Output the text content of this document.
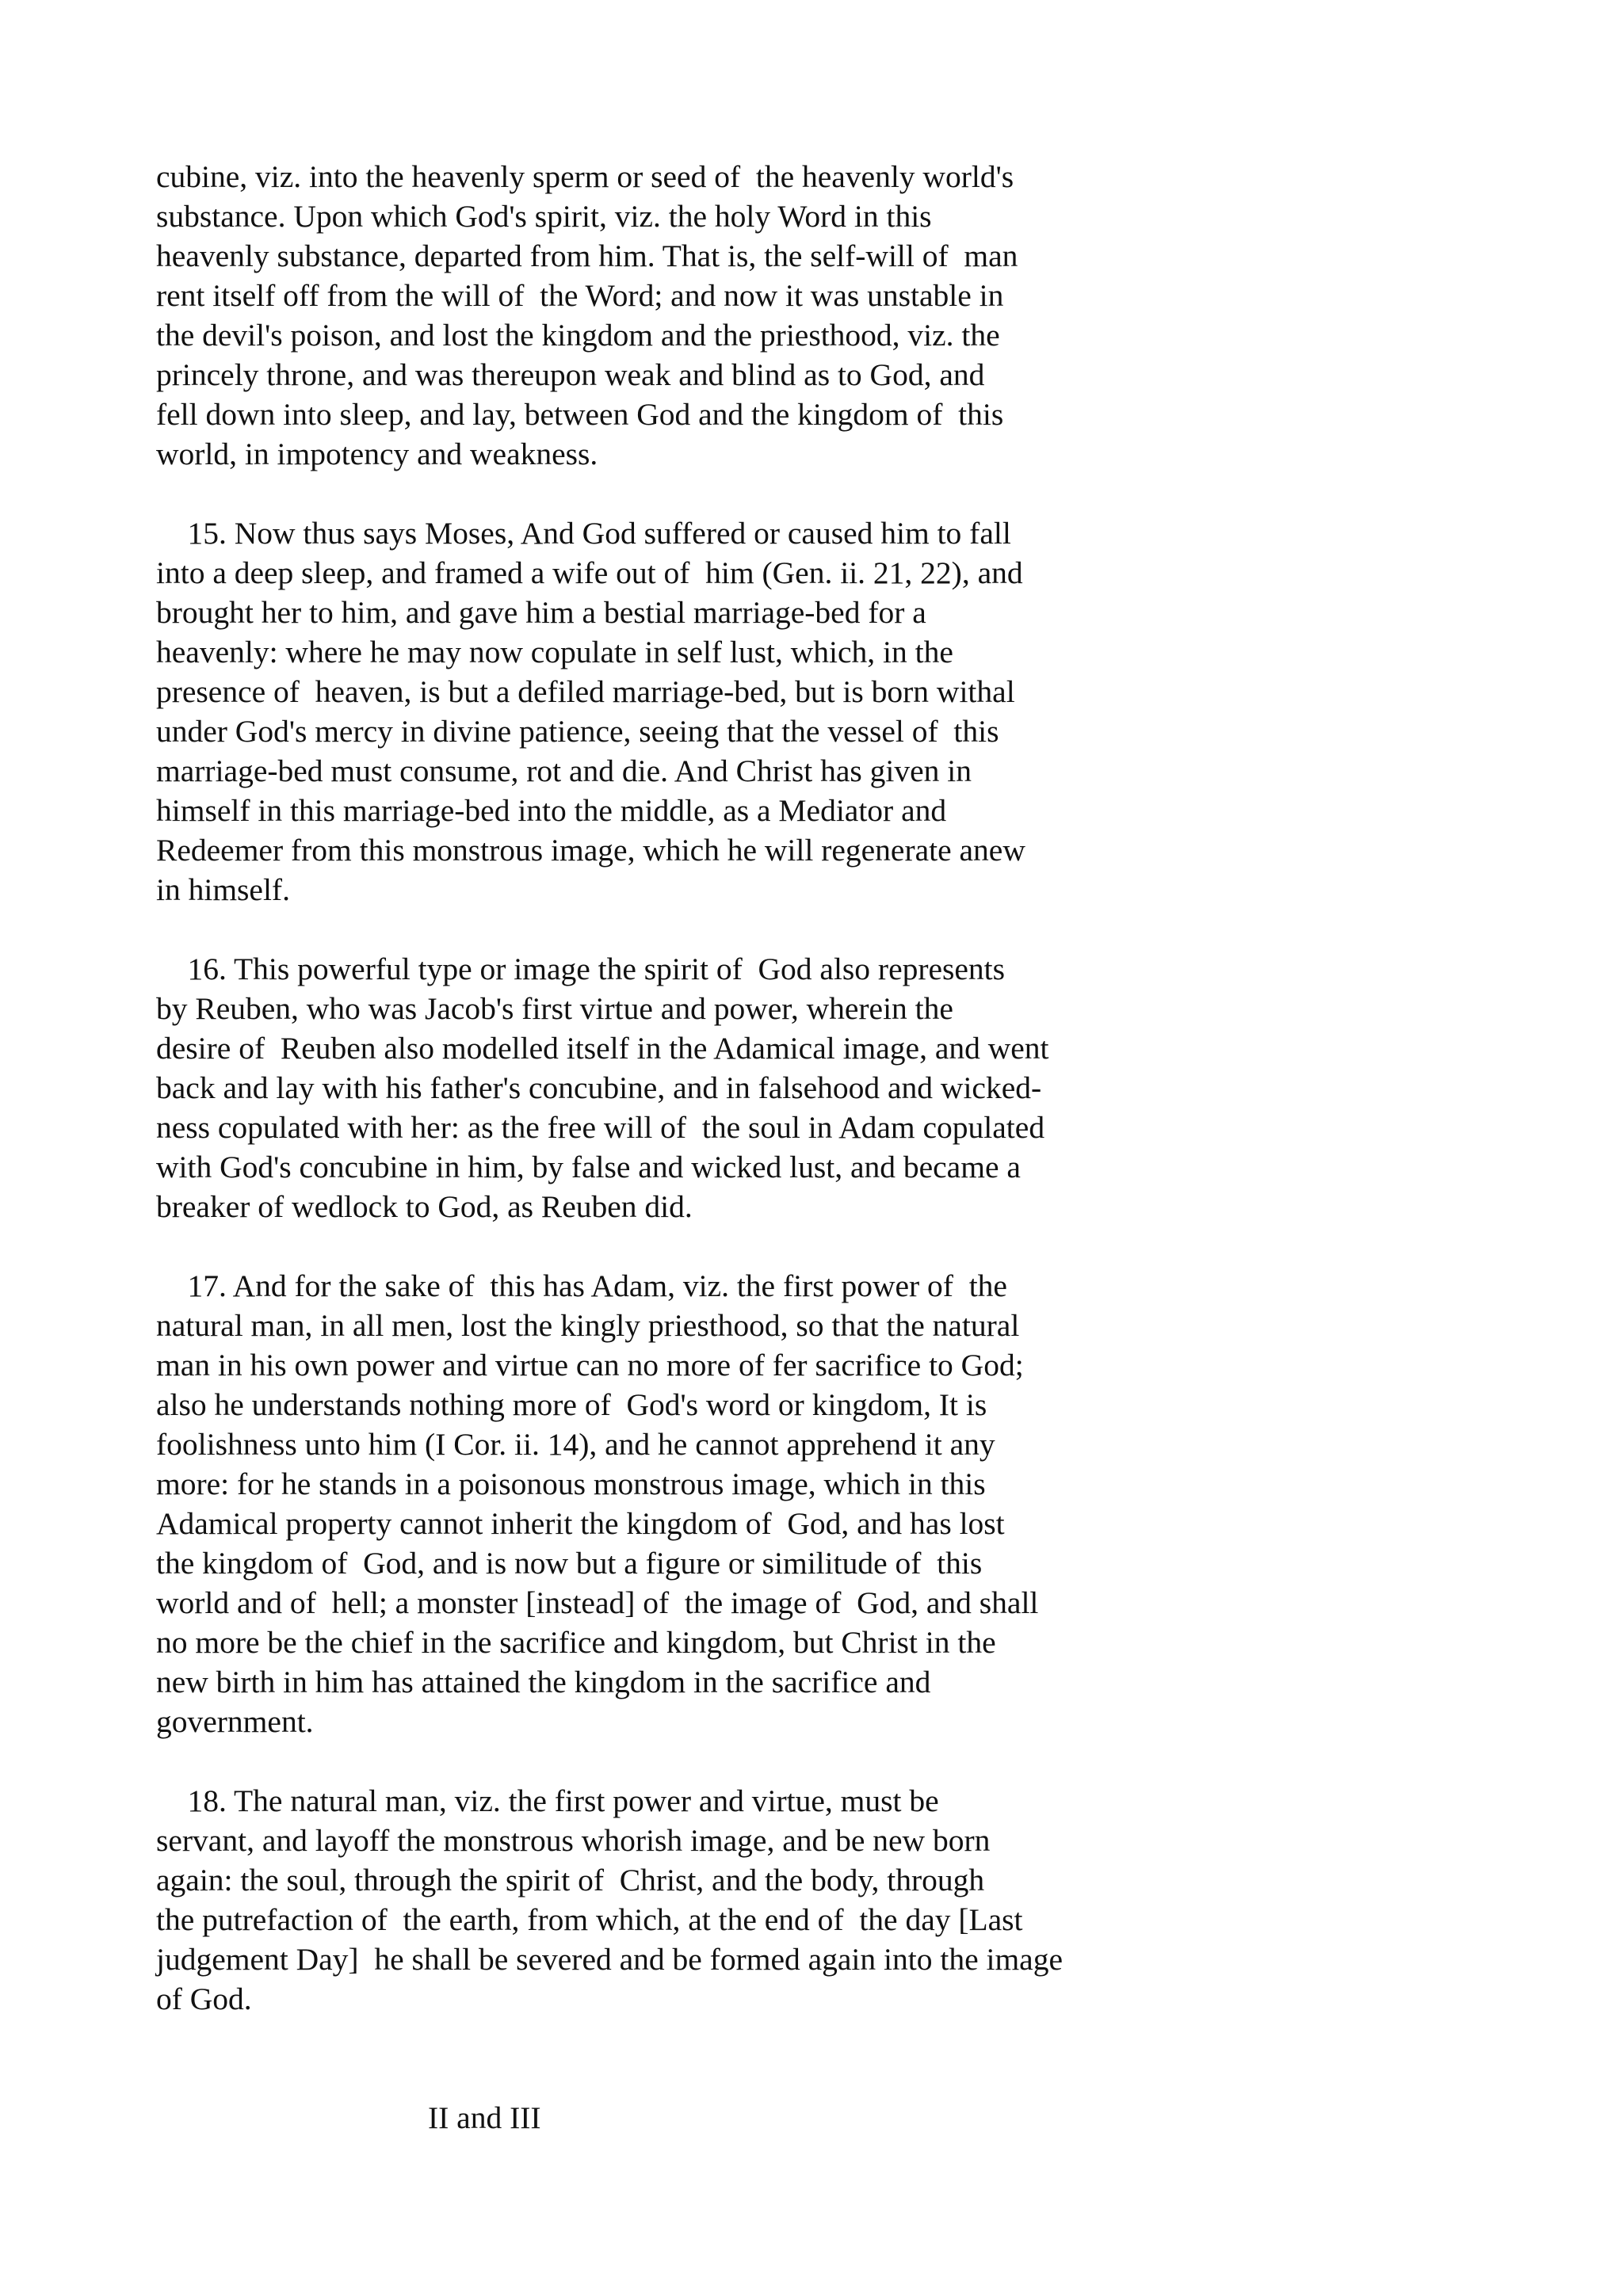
cubine, viz. into the heavenly sperm or seed of  the heavenly world's
substance. Upon which God's spirit, viz. the holy Word in this
heavenly substance, departed from him. That is, the self-will of  man
rent itself off from the will of  the Word; and now it was unstable in
the devil's poison, and lost the kingdom and the priesthood, viz. the
princely throne, and was thereupon weak and blind as to God, and
fell down into sleep, and lay, between God and the kingdom of  this
world, in impotency and weakness.
15. Now thus says Moses, And God suffered or caused him to fall
into a deep sleep, and framed a wife out of  him (Gen. ii. 21, 22), and
brought her to him, and gave him a bestial marriage-bed for a
heavenly: where he may now copulate in self lust, which, in the
presence of  heaven, is but a defiled marriage-bed, but is born withal
under God's mercy in divine patience, seeing that the vessel of  this
marriage-bed must consume, rot and die. And Christ has given in
himself in this marriage-bed into the middle, as a Mediator and
Redeemer from this monstrous image, which he will regenerate anew
in himself.
16. This powerful type or image the spirit of  God also represents
by Reuben, who was Jacob's first virtue and power, wherein the
desire of  Reuben also modelled itself in the Adamical image, and went
back and lay with his father's concubine, and in falsehood and wicked-
ness copulated with her: as the free will of  the soul in Adam copulated
with God's concubine in him, by false and wicked lust, and became a
breaker of wedlock to God, as Reuben did.
17. And for the sake of  this has Adam, viz. the first power of  the
natural man, in all men, lost the kingly priesthood, so that the natural
man in his own power and virtue can no more of fer sacrifice to God;
also he understands nothing more of  God's word or kingdom, It is
foolishness unto him (I Cor. ii. 14), and he cannot apprehend it any
more: for he stands in a poisonous monstrous image, which in this
Adamical property cannot inherit the kingdom of  God, and has lost
the kingdom of  God, and is now but a figure or similitude of  this
world and of  hell; a monster [instead] of  the image of  God, and shall
no more be the chief in the sacrifice and kingdom, but Christ in the
new birth in him has attained the kingdom in the sacrifice and
government.
18. The natural man, viz. the first power and virtue, must be
servant, and layoff the monstrous whorish image, and be new born
again: the soul, through the spirit of  Christ, and the body, through
the putrefaction of  the earth, from which, at the end of  the day [Last
judgement Day]  he shall be severed and be formed again into the image
of God.
II and III
